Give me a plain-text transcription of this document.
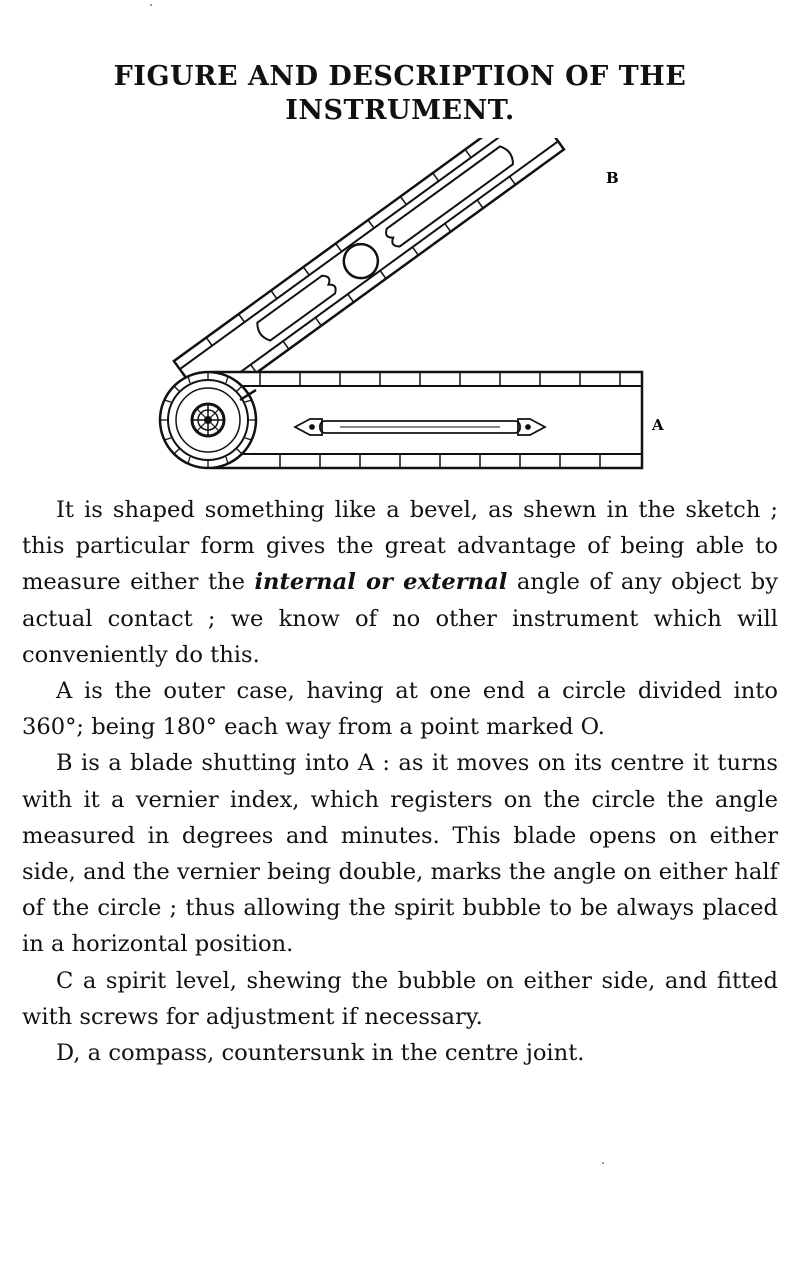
FIGURE AND DESCRIPTION OF THE
INSTRUMENT.
B
A

It is shaped something like a bevel, as shewn in the sketch ; this particular form gives the great advantage of being able to measure either the internal or external angle of any object by actual contact ; we know of no other instrument which will conveniently do this.

A is the outer case, having at one end a circle divided into 360°; being 180° each way from a point marked O.

B is a blade shutting into A : as it moves on its centre it turns with it a vernier index, which registers on the circle the angle measured in degrees and minutes. This blade opens on either side, and the vernier being double, marks the angle on either half of the circle ; thus allowing the spirit bubble to be always placed in a horizontal position.

C a spirit level, shewing the bubble on either side, and fitted with screws for adjustment if necessary.

D, a compass, countersunk in the centre joint.
